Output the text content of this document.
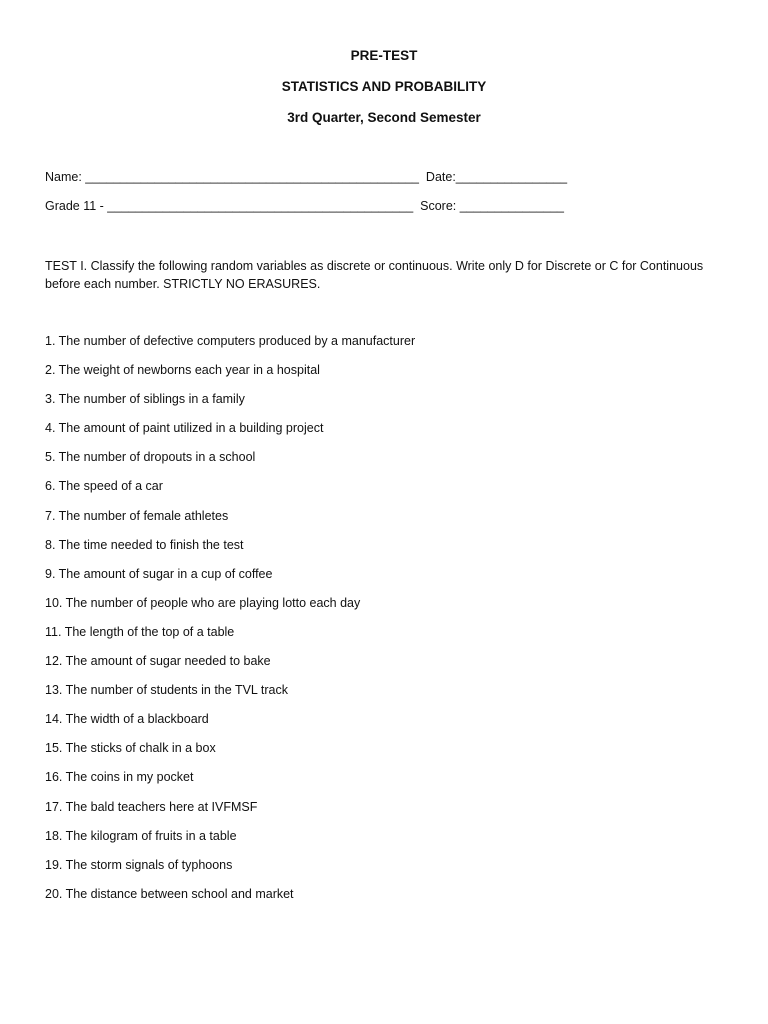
PRE-TEST
STATISTICS AND PROBABILITY
3rd Quarter, Second Semester
Name: ________________________________________________  Date:________________
Grade 11 - ____________________________________________  Score: _______________
TEST I. Classify the following random variables as discrete or continuous. Write only D for Discrete or C for Continuous before each number. STRICTLY NO ERASURES.
1. The number of defective computers produced by a manufacturer
2. The weight of newborns each year in a hospital
3. The number of siblings in a family
4. The amount of paint utilized in a building project
5. The number of dropouts in a school
6. The speed of a car
7. The number of female athletes
8. The time needed to finish the test
9. The amount of sugar in a cup of coffee
10. The number of people who are playing lotto each day
11. The length of the top of a table
12. The amount of sugar needed to bake
13. The number of students in the TVL track
14. The width of a blackboard
15. The sticks of chalk in a box
16. The coins in my pocket
17. The bald teachers here at IVFMSF
18. The kilogram of fruits in a table
19. The storm signals of typhoons
20. The distance between school and market
